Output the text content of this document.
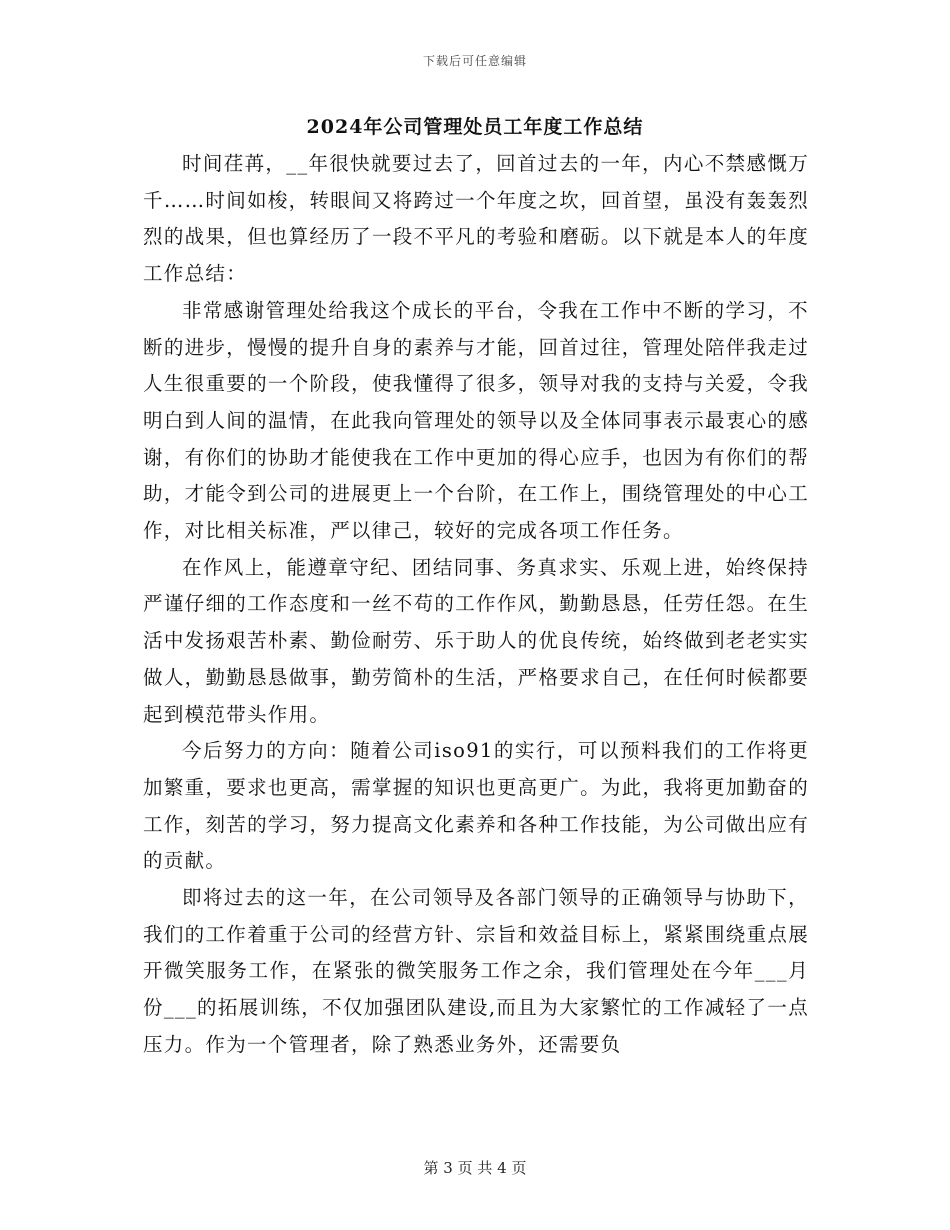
下载后可任意编辑
2024年公司管理处员工年度工作总结

时间荏苒，__年很快就要过去了，回首过去的一年，内心不禁感慨万千……时间如梭，转眼间又将跨过一个年度之坎，回首望，虽没有轰轰烈烈的战果，但也算经历了一段不平凡的考验和磨砺。以下就是本人的年度工作总结：

非常感谢管理处给我这个成长的平台，令我在工作中不断的学习，不断的进步，慢慢的提升自身的素养与才能，回首过往，管理处陪伴我走过人生很重要的一个阶段，使我懂得了很多，领导对我的支持与关爱，令我明白到人间的温情，在此我向管理处的领导以及全体同事表示最衷心的感谢，有你们的协助才能使我在工作中更加的得心应手，也因为有你们的帮助，才能令到公司的进展更上一个台阶，在工作上，围绕管理处的中心工作，对比相关标准，严以律己，较好的完成各项工作任务。

在作风上，能遵章守纪、团结同事、务真求实、乐观上进，始终保持严谨仔细的工作态度和一丝不苟的工作作风，勤勤恳恳，任劳任怨。在生活中发扬艰苦朴素、勤俭耐劳、乐于助人的优良传统，始终做到老老实实做人，勤勤恳恳做事，勤劳简朴的生活，严格要求自己，在任何时候都要起到模范带头作用。

今后努力的方向：随着公司iso91的实行，可以预料我们的工作将更加繁重，要求也更高，需掌握的知识也更高更广。为此，我将更加勤奋的工作，刻苦的学习，努力提高文化素养和各种工作技能，为公司做出应有的贡献。

即将过去的这一年，在公司领导及各部门领导的正确领导与协助下，我们的工作着重于公司的经营方针、宗旨和效益目标上，紧紧围绕重点展开微笑服务工作，在紧张的微笑服务工作之余，我们管理处在今年___月份___的拓展训练，不仅加强团队建设,而且为大家繁忙的工作减轻了一点压力。作为一个管理者，除了熟悉业务外，还需要负

第 3 页 共 4 页
